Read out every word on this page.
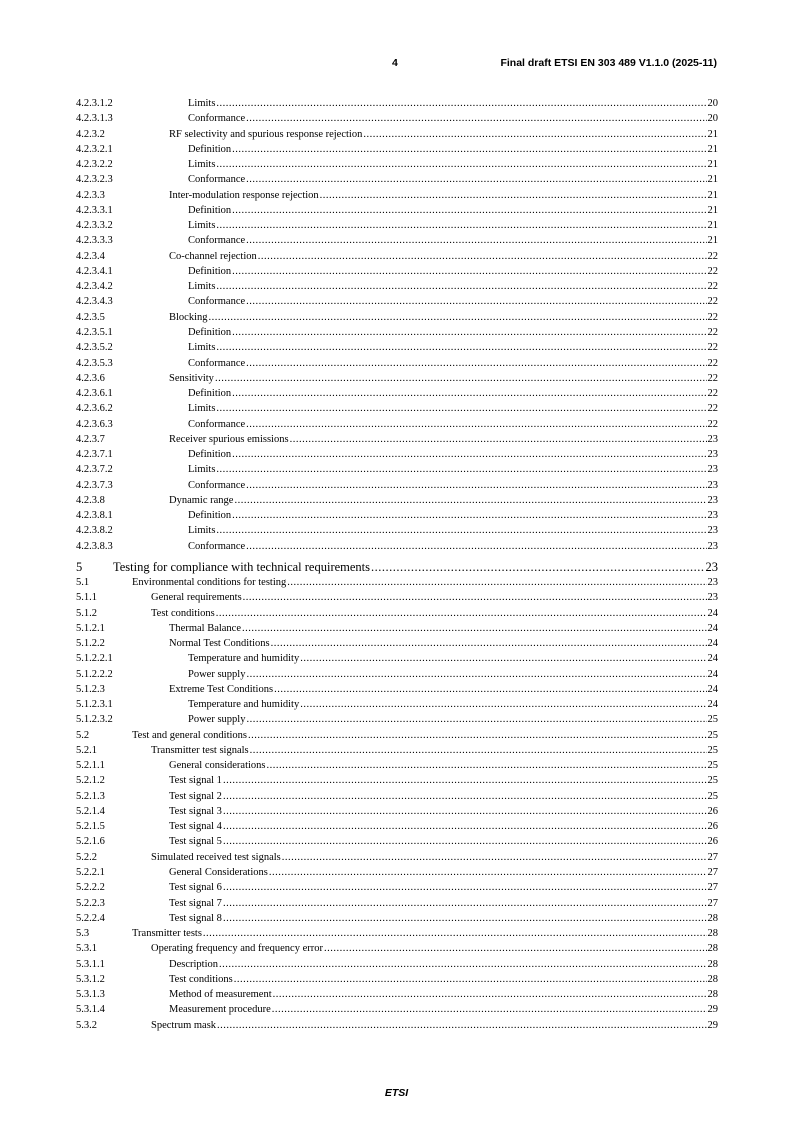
4	Final draft ETSI EN 303 489 V1.1.0 (2025-11)
4.2.3.1.2	Limits .....	20
4.2.3.1.3	Conformance .....	20
4.2.3.2	RF selectivity and spurious response rejection .....	21
4.2.3.2.1	Definition .....	21
4.2.3.2.2	Limits .....	21
4.2.3.2.3	Conformance .....	21
4.2.3.3	Inter-modulation response rejection .....	21
4.2.3.3.1	Definition .....	21
4.2.3.3.2	Limits .....	21
4.2.3.3.3	Conformance .....	21
4.2.3.4	Co-channel rejection .....	22
4.2.3.4.1	Definition .....	22
4.2.3.4.2	Limits .....	22
4.2.3.4.3	Conformance .....	22
4.2.3.5	Blocking .....	22
4.2.3.5.1	Definition .....	22
4.2.3.5.2	Limits .....	22
4.2.3.5.3	Conformance .....	22
4.2.3.6	Sensitivity .....	22
4.2.3.6.1	Definition .....	22
4.2.3.6.2	Limits .....	22
4.2.3.6.3	Conformance .....	22
4.2.3.7	Receiver spurious emissions .....	23
4.2.3.7.1	Definition .....	23
4.2.3.7.2	Limits .....	23
4.2.3.7.3	Conformance .....	23
4.2.3.8	Dynamic range .....	23
4.2.3.8.1	Definition .....	23
4.2.3.8.2	Limits .....	23
4.2.3.8.3	Conformance .....	23
5 Testing for compliance with technical requirements .....	23
5.1	Environmental conditions for testing .....	23
5.1.1	General requirements .....	23
5.1.2	Test conditions .....	24
5.1.2.1	Thermal Balance .....	24
5.1.2.2	Normal Test Conditions .....	24
5.1.2.2.1	Temperature and humidity .....	24
5.1.2.2.2	Power supply .....	24
5.1.2.3	Extreme Test Conditions .....	24
5.1.2.3.1	Temperature and humidity .....	24
5.1.2.3.2	Power supply .....	25
5.2	Test and general conditions .....	25
5.2.1	Transmitter test signals .....	25
5.2.1.1	General considerations .....	25
5.2.1.2	Test signal 1 .....	25
5.2.1.3	Test signal 2 .....	25
5.2.1.4	Test signal 3 .....	26
5.2.1.5	Test signal 4 .....	26
5.2.1.6	Test signal 5 .....	26
5.2.2	Simulated received test signals .....	27
5.2.2.1	General Considerations .....	27
5.2.2.2	Test signal 6 .....	27
5.2.2.3	Test signal 7 .....	27
5.2.2.4	Test signal 8 .....	28
5.3	Transmitter tests .....	28
5.3.1	Operating frequency and frequency error .....	28
5.3.1.1	Description .....	28
5.3.1.2	Test conditions .....	28
5.3.1.3	Method of measurement .....	28
5.3.1.4	Measurement procedure .....	29
5.3.2	Spectrum mask .....	29
ETSI
